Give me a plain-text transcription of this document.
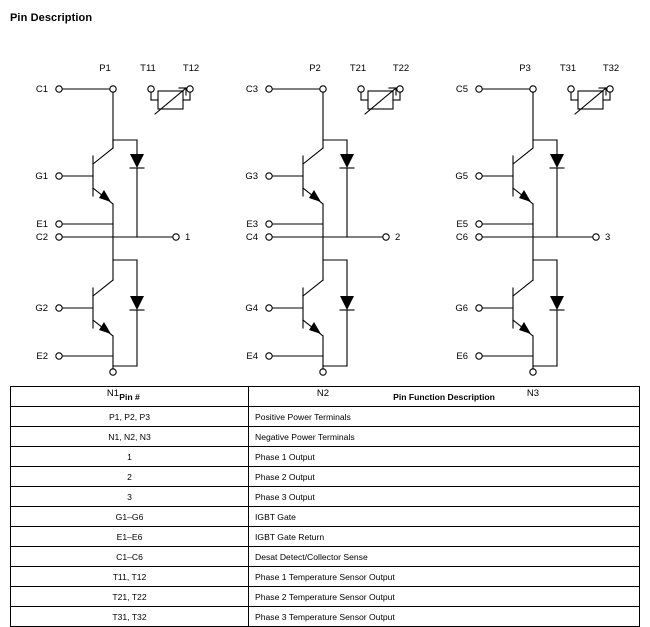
Pin Description
P1
N1
T11	T12
C1
G1
E1
C2
G2
E2
1
P2
N2
T21	T22
C3
G3
E3
C4
G4
E4
2
P3
N3
T31	T32
C5
G5
E5
C6
G6
E6
3
Pin #	Pin Function Description
P1, P2, P3	Positive Power Terminals
N1, N2, N3	Negative Power Terminals
1	Phase 1 Output
2	Phase 2 Output
3	Phase 3 Output
G1–G6	IGBT Gate
E1–E6	IGBT Gate Return
C1–C6	Desat Detect/Collector Sense
T11, T12	Phase 1 Temperature Sensor Output
T21, T22	Phase 2 Temperature Sensor Output
T31, T32	Phase 3 Temperature Sensor Output
